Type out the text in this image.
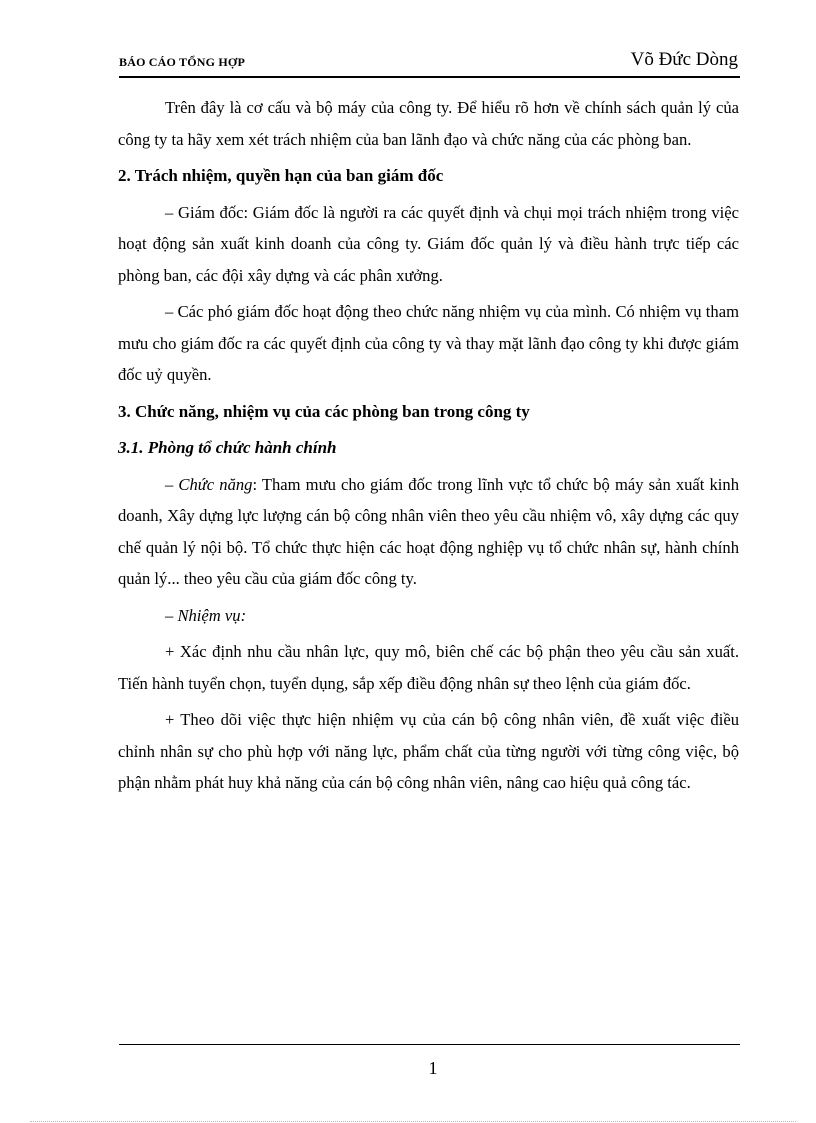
BÁO CÁO TỔNG HỢP	Võ Đức Dòng

Trên đây là cơ cấu và bộ máy của công ty. Để hiểu rõ hơn về chính sách quản lý của công ty ta hãy xem xét trách nhiệm của ban lãnh đạo và chức năng của các phòng ban.

2. Trách nhiệm, quyền hạn của ban giám đốc

– Giám đốc: Giám đốc là người ra các quyết định và chụi mọi trách nhiệm trong việc hoạt động sản xuất kinh doanh của công ty. Giám đốc quản lý và điều hành trực tiếp các phòng ban, các đội xây dựng và các phân xưởng.

– Các phó giám đốc hoạt động theo chức năng nhiệm vụ của mình. Có nhiệm vụ tham mưu cho giám đốc ra các quyết định của công ty và thay mặt lãnh đạo công ty khi được giám đốc uỷ quyền.

3. Chức năng, nhiệm vụ của các phòng ban trong công ty
3.1. Phòng tổ chức hành chính

– Chức năng: Tham mưu cho giám đốc trong lĩnh vực tổ chức bộ máy sản xuất kinh doanh, Xây dựng lực lượng cán bộ công nhân viên theo yêu cầu nhiệm vô, xây dựng các quy chế quản lý nội bộ. Tổ chức thực hiện các hoạt động nghiệp vụ tổ chức nhân sự, hành chính quản lý... theo yêu cầu của giám đốc công ty.

– Nhiệm vụ:

+ Xác định nhu cầu nhân lực, quy mô, biên chế các bộ phận theo yêu cầu sản xuất. Tiến hành tuyển chọn, tuyển dụng, sắp xếp điều động nhân sự theo lệnh của giám đốc.

+ Theo dõi việc thực hiện nhiệm vụ của cán bộ công nhân viên, đề xuất việc điều chỉnh nhân sự cho phù hợp với năng lực, phẩm chất của từng người với từng công việc, bộ phận nhằm phát huy khả năng của cán bộ công nhân viên, nâng cao hiệu quả công tác.

1
